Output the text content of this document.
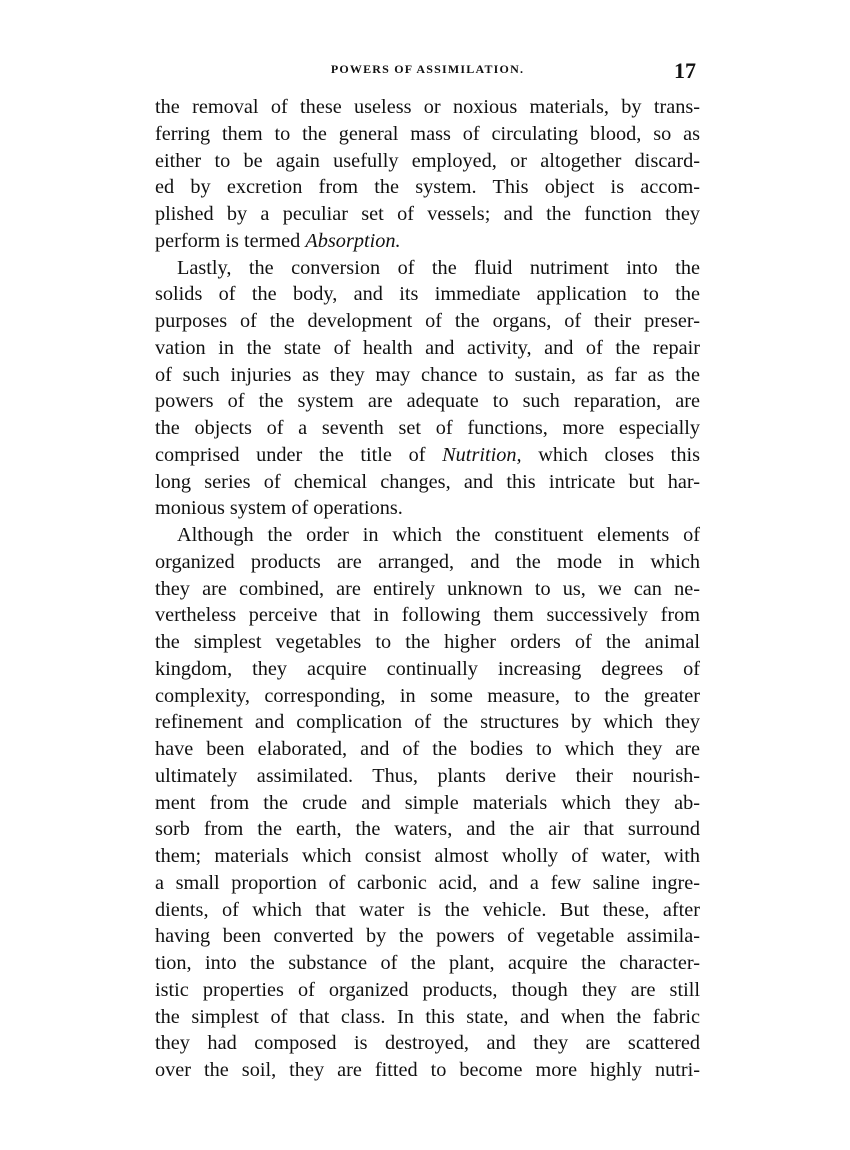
POWERS OF ASSIMILATION.	17
the removal of these useless or noxious materials, by trans-
ferring them to the general mass of circulating blood, so as
either to be again usefully employed, or altogether discard-
ed by excretion from the system. This object is accom-
plished by a peculiar set of vessels; and the function they
perform is termed Absorption.
Lastly, the conversion of the fluid nutriment into the
solids of the body, and its immediate application to the
purposes of the development of the organs, of their preser-
vation in the state of health and activity, and of the repair
of such injuries as they may chance to sustain, as far as the
powers of the system are adequate to such reparation, are
the objects of a seventh set of functions, more especially
comprised under the title of Nutrition, which closes this
long series of chemical changes, and this intricate but har-
monious system of operations.
Although the order in which the constituent elements of
organized products are arranged, and the mode in which
they are combined, are entirely unknown to us, we can ne-
vertheless perceive that in following them successively from
the simplest vegetables to the higher orders of the animal
kingdom, they acquire continually increasing degrees of
complexity, corresponding, in some measure, to the greater
refinement and complication of the structures by which they
have been elaborated, and of the bodies to which they are
ultimately assimilated. Thus, plants derive their nourish-
ment from the crude and simple materials which they ab-
sorb from the earth, the waters, and the air that surround
them; materials which consist almost wholly of water, with
a small proportion of carbonic acid, and a few saline ingre-
dients, of which that water is the vehicle. But these, after
having been converted by the powers of vegetable assimila-
tion, into the substance of the plant, acquire the character-
istic properties of organized products, though they are still
the simplest of that class. In this state, and when the fabric
they had composed is destroyed, and they are scattered
over the soil, they are fitted to become more highly nutri-
